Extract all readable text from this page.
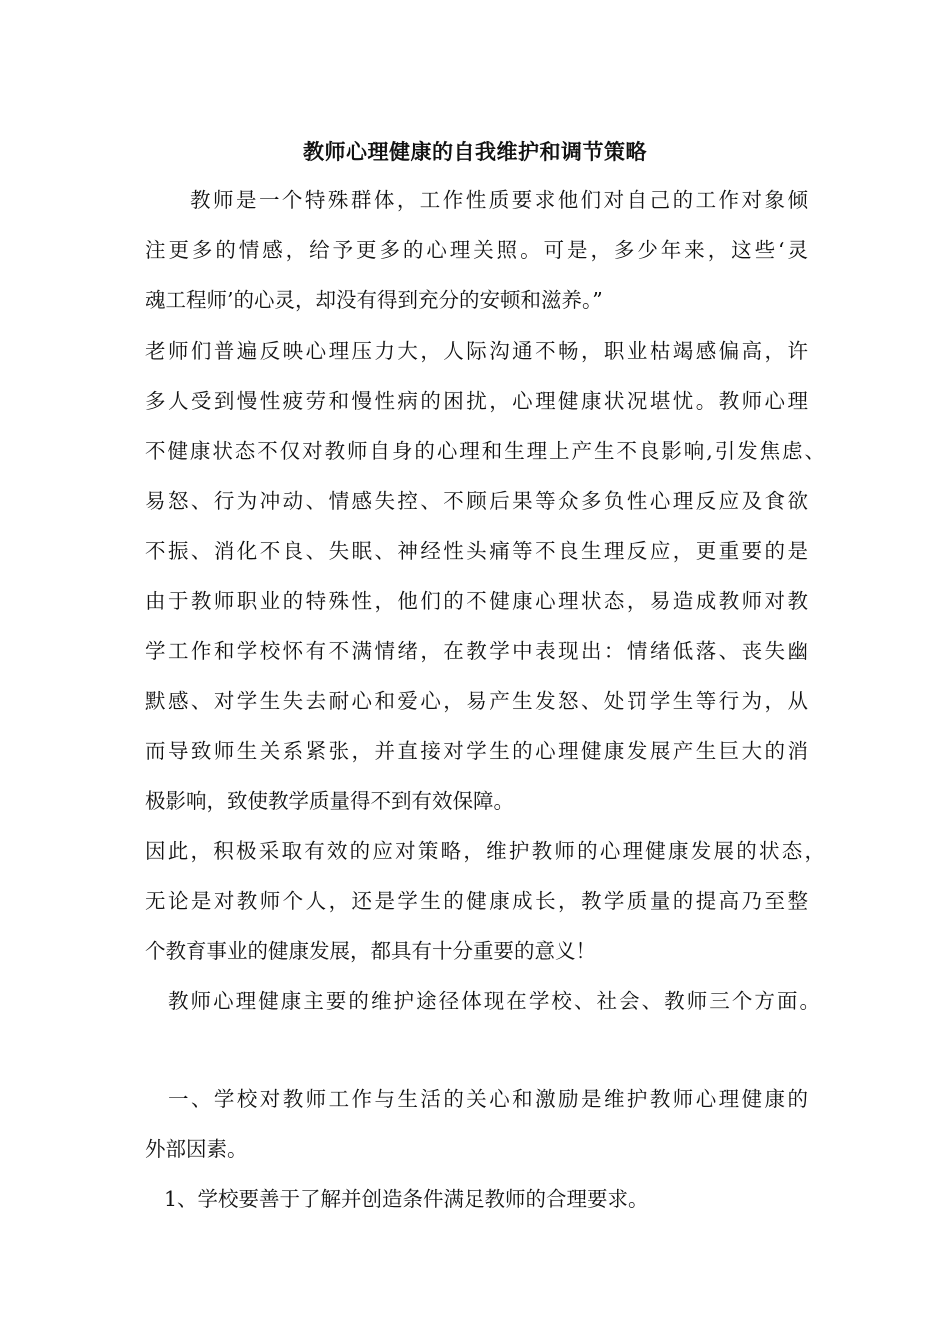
教师心理健康的自我维护和调节策略
教师是一个特殊群体，工作性质要求他们对自己的工作对象倾
注更多的情感，给予更多的心理关照。可是，多少年来，这些‘灵
魂工程师’的心灵，却没有得到充分的安顿和滋养。”
老师们普遍反映心理压力大，人际沟通不畅，职业枯竭感偏高，许
多人受到慢性疲劳和慢性病的困扰，心理健康状况堪忧。教师心理
不健康状态不仅对教师自身的心理和生理上产生不良影响,引发焦虑、
易怒、行为冲动、情感失控、不顾后果等众多负性心理反应及食欲
不振、消化不良、失眠、神经性头痛等不良生理反应，更重要的是
由于教师职业的特殊性，他们的不健康心理状态，易造成教师对教
学工作和学校怀有不满情绪，在教学中表现出：情绪低落、丧失幽
默感、对学生失去耐心和爱心，易产生发怒、处罚学生等行为，从
而导致师生关系紧张，并直接对学生的心理健康发展产生巨大的消
极影响，致使教学质量得不到有效保障。
因此，积极采取有效的应对策略，维护教师的心理健康发展的状态，
无论是对教师个人，还是学生的健康成长，教学质量的提高乃至整
个教育事业的健康发展，都具有十分重要的意义！
教师心理健康主要的维护途径体现在学校、社会、教师三个方面。
一、学校对教师工作与生活的关心和激励是维护教师心理健康的
外部因素。
1、学校要善于了解并创造条件满足教师的合理要求。
